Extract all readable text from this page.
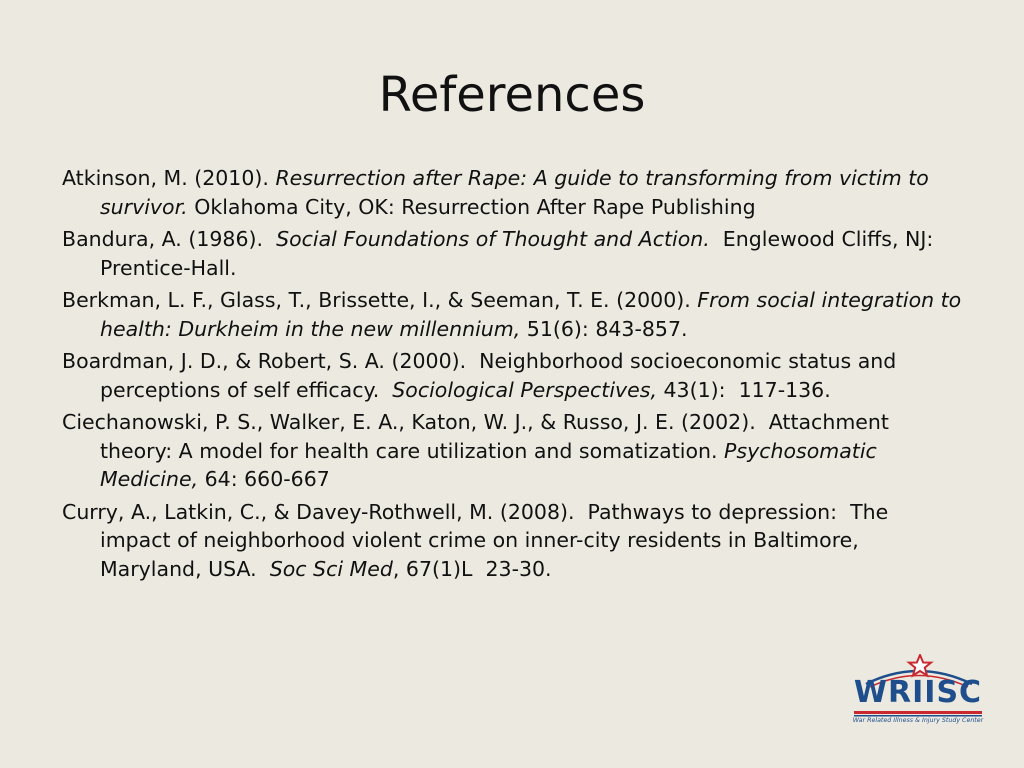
References

Atkinson, M. (2010). Resurrection after Rape: A guide to transforming from victim to survivor. Oklahoma City, OK: Resurrection After Rape Publishing

Bandura, A. (1986).  Social Foundations of Thought and Action.  Englewood Cliffs, NJ:  Prentice-Hall.

Berkman, L. F., Glass, T., Brissette, I., & Seeman, T. E. (2000). From social integration to health: Durkheim in the new millennium, 51(6): 843-857.

Boardman, J. D., & Robert, S. A. (2000).  Neighborhood socioeconomic status and perceptions of self efficacy.  Sociological Perspectives, 43(1):  117-136.

Ciechanowski, P. S., Walker, E. A., Katon, W. J., & Russo, J. E. (2002).  Attachment theory: A model for health care utilization and somatization. Psychosomatic Medicine, 64: 660-667

Curry, A., Latkin, C., & Davey-Rothwell, M. (2008).  Pathways to depression:  The impact of neighborhood violent crime on inner-city residents in Baltimore, Maryland, USA.  Soc Sci Med, 67(1)L  23-30.

WRIISC
War Related Illness & Injury Study Center
